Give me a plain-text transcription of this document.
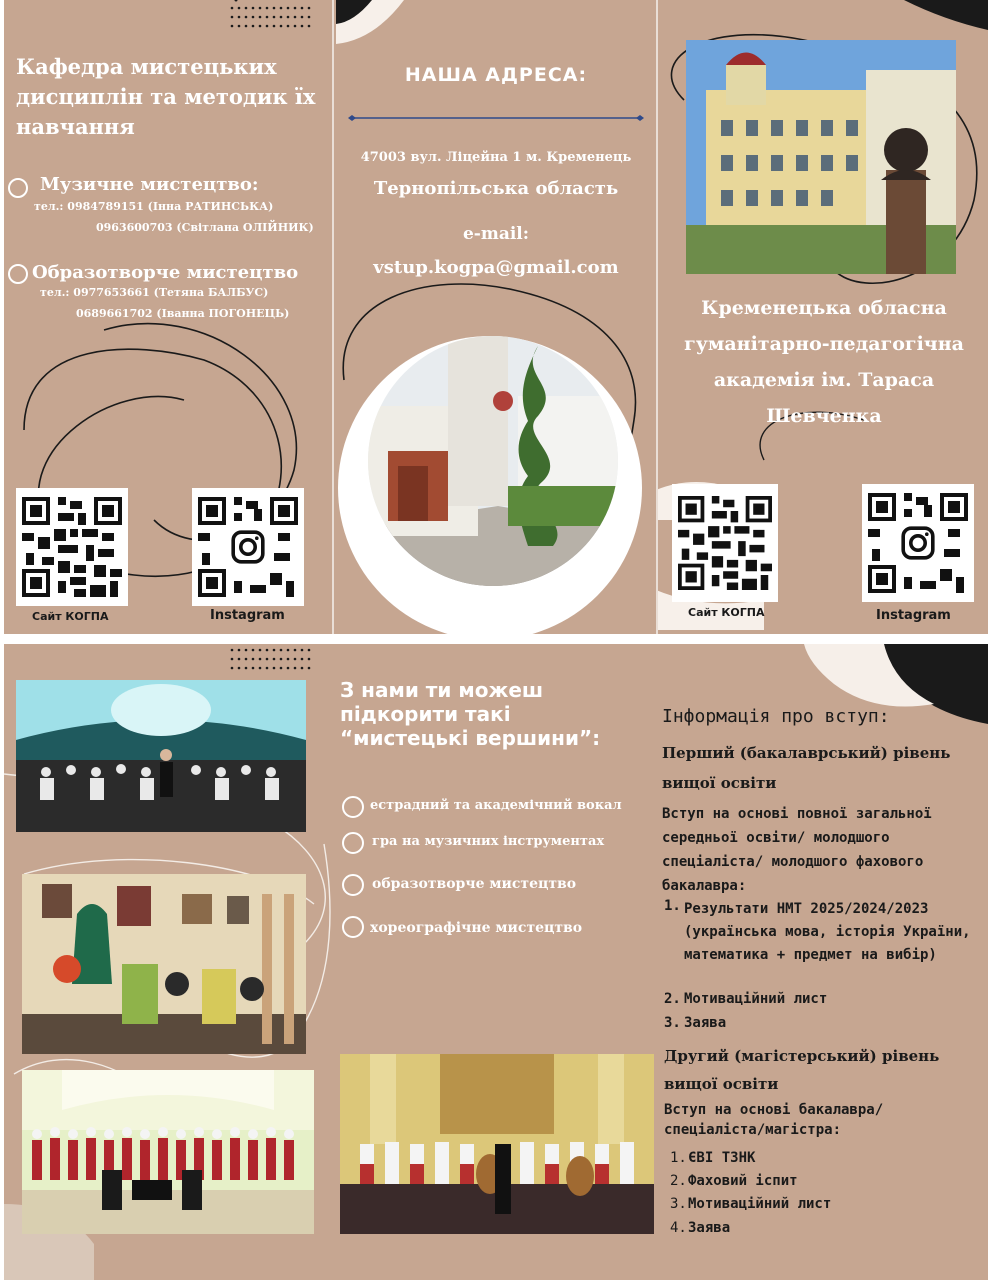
Кафедра мистецьких дисциплін та методик їх навчання
Музичне мистецтво:
тел.: 0984789151 (Інна РАТИНСЬКА)
0963600703 (Світлана ОЛІЙНИК)
Образотворче мистецтво
тел.: 0977653661 (Тетяна БАЛБУС)
0689661702 (Іванна ПОГОНЕЦЬ)
Сайт КОГПА	Instagram
НАША АДРЕСА:
47003 вул. Ліцейна 1 м. Кременець
Тернопільська область
e-mail:
vstup.kogpa@gmail.com
Кременецька обласна гуманітарно-педагогічна академія ім. Тараса Шевченка
Сайт КОГПА	Instagram
З нами ти можеш підкорити такі “мистецькі вершини”:
естрадний та академічний вокал
гра на музичних інструментах
образотворче мистецтво
хореографічне мистецтво
Інформація про вступ:
Перший (бакалаврський) рівень вищої освіти
Вступ на основі повної загальної середньої освіти/ молодшого спеціаліста/ молодшого фахового бакалавра:
1. Результати НМТ 2025/2024/2023 (українська мова, історія України, математика + предмет на вибір)
2. Мотиваційний лист
3. Заява
Другий (магістерський) рівень вищої освіти
Вступ на основі бакалавра/ спеціаліста/магістра:
1. ЄВІ ТЗНК
2. Фаховий іспит
3. Мотиваційний лист
4. Заява
